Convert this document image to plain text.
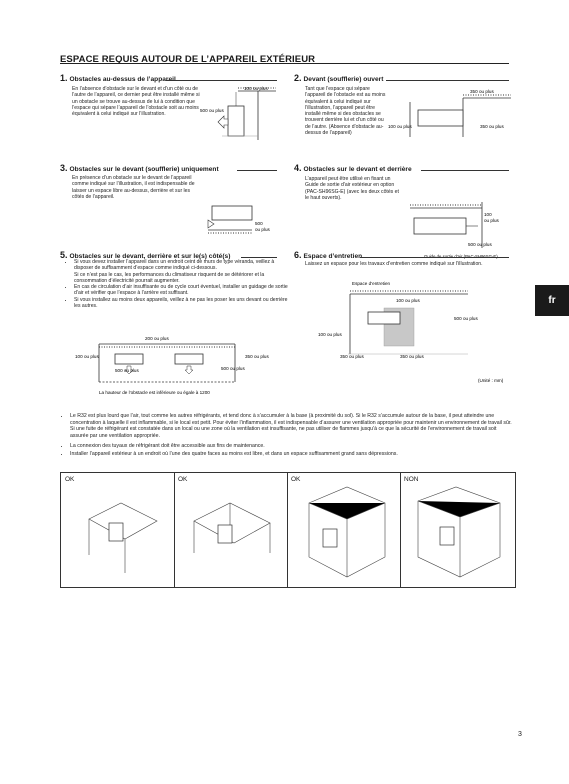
ESPACE REQUIS AUTOUR DE L’APPAREIL EXTÉRIEUR
1. Obstacles au-dessus de l’appareil
En l’absence d’obstacle sur le devant et d’un côté ou de l’autre de l’appareil, ce dernier peut être installé même si un obstacle se trouve au-dessus de lui à condition que l’espace qui sépare l’appareil de l’obstacle soit au moins équivalent à celui indiqué sur l’illustration.
100 ou plus
500 ou plus
2. Devant (soufflerie) ouvert
Tant que l’espace qui sépare l’appareil de l’obstacle est au moins équivalent à celui indiqué sur l’illustration, l’appareil peut être installé même si des obstacles se trouvent derrière lui et d’un côté ou de l’autre. (Absence d’obstacle au-dessus de l’appareil)
350 ou plus
100 ou plus	350 ou plus
3. Obstacles sur le devant (soufflerie) uniquement
En présence d’un obstacle sur le devant de l’appareil comme indiqué sur l’illustration, il est indispensable de laisser un espace libre au-dessus, derrière et sur les côtés de l’appareil.
500
ou plus
4. Obstacles sur le devant et derrière
L’appareil peut être utilisé en fixant un Guide de sortie d’air extérieur en option (PAC-SH96SG-E) (avec les deux côtés et le haut ouverts).
100
ou plus
500 ou plus
Guide de sortie d’air (PAC-SH96SG-E)
5. Obstacles sur le devant, derrière et sur le(s) côté(s)
• Si vous devez installer l’appareil dans un endroit ceint de murs de type véranda, veillez à disposer de suffisamment d’espace comme indiqué ci-dessous.
Si ce n’est pas le cas, les performances du climatiseur risquent de se détériorer et la consommation d’électricité pourrait augmenter.
• En cas de circulation d’air insuffisante ou de cycle court éventuel, installer un guidage de sortie d’air et vérifier que l’espace à l’arrière est suffisant.
• Si vous installez au moins deux appareils, veillez à ne pas les poser les uns devant ou derrière les autres.
200 ou plus
100 ou plus	350 ou plus
500 ou plus	500 ou plus
La hauteur de l’obstacle est inférieure ou égale à 1200
6. Espace d’entretien
Laissez un espace pour les travaux d’entretien comme indiqué sur l’illustration.
Espace d’entretien
100 ou plus
500 ou plus
100 ou plus
350 ou plus	350 ou plus
(Unité : mm)
fr
• Le R32 est plus lourd que l’air, tout comme les autres réfrigérants, et tend donc à s’accumuler à la base (à proximité du sol). Si le R32 s’accumule autour de la base, il peut atteindre une concentration à laquelle il est inflammable, si le local est petit. Pour éviter l’inflammation, il est indispensable d’assurer une ventilation appropriée pour maintenir un environnement de travail sûr. Si une fuite de réfrigérant est constatée dans un local ou une zone où la ventilation est insuffisante, ne pas utiliser de flammes jusqu’à ce que la sécurité de l’environnement de travail soit assurée par une ventilation appropriée.
• La connexion des tuyaux de réfrigérant doit être accessible aux fins de maintenance.
• Installer l’appareil extérieur à un endroit où l’une des quatre faces au moins est libre, et dans un espace suffisamment grand sans dépressions.
OK	OK	OK	NON
3
